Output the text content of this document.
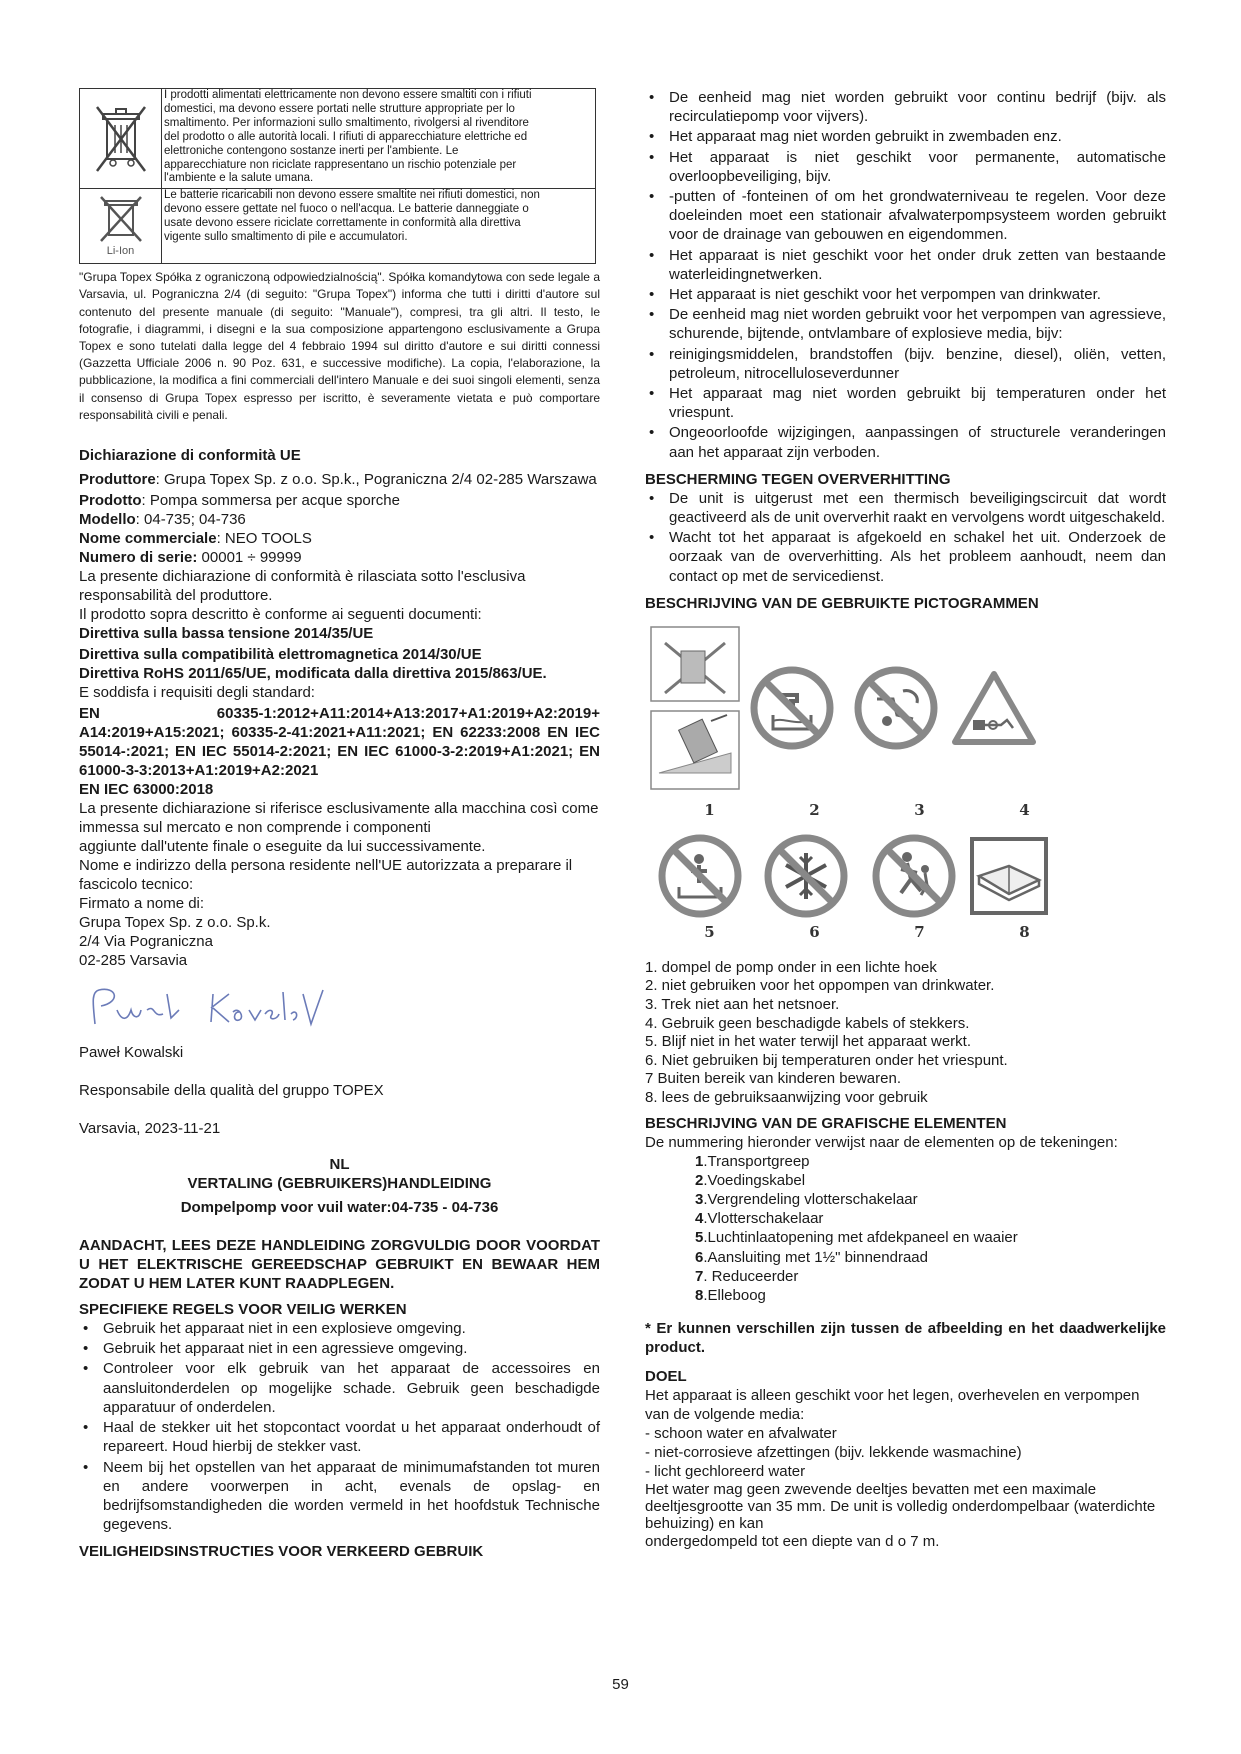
I prodotti alimentati elettricamente non devono essere smaltiti con i rifiuti

domestici, ma devono essere portati nelle strutture appropriate per lo

smaltimento. Per informazioni sullo smaltimento, rivolgersi al rivenditore

del prodotto o alle autorità locali. I rifiuti di apparecchiature elettriche ed

elettroniche contengono sostanze inerti per l'ambiente. Le

apparecchiature non riciclate rappresentano un rischio potenziale per

l'ambiente e la salute umana.

Li-Ion

Le batterie ricaricabili non devono essere smaltite nei rifiuti domestici, non

devono essere gettate nel fuoco o nell'acqua. Le batterie danneggiate o

usate devono essere riciclate correttamente in conformità alla direttiva

vigente sullo smaltimento di pile e accumulatori.

"Grupa Topex Spółka z ograniczoną odpowiedzialnością". Spółka komandytowa con sede legale a Varsavia, ul. Pograniczna 2/4 (di seguito: "Grupa Topex") informa che tutti i diritti d'autore sul contenuto del presente manuale (di seguito: "Manuale"), compresi, tra gli altri. Il testo, le fotografie, i diagrammi, i disegni e la sua composizione appartengono esclusivamente a Grupa Topex e sono tutelati dalla legge del 4 febbraio 1994 sul diritto d'autore e sui diritti connessi (Gazzetta Ufficiale 2006 n. 90 Poz. 631, e successive modifiche). La copia, l'elaborazione, la pubblicazione, la modifica a fini commerciali dell'intero Manuale e dei suoi singoli elementi, senza il consenso di Grupa Topex espresso per iscritto, è severamente vietata e può comportare responsabilità civili e penali.

Dichiarazione di conformità UE

Produttore: Grupa Topex Sp. z o.o. Sp.k., Pograniczna 2/4 02-285 Warszawa

Prodotto: Pompa sommersa per acque sporche

Modello: 04-735; 04-736

Nome commerciale: NEO TOOLS

Numero di serie: 00001 ÷ 99999

La presente dichiarazione di conformità è rilasciata sotto l'esclusiva responsabilità del produttore.

Il prodotto sopra descritto è conforme ai seguenti documenti:

Direttiva sulla bassa tensione 2014/35/UE

Direttiva sulla compatibilità elettromagnetica 2014/30/UE

Direttiva RoHS 2011/65/UE, modificata dalla direttiva 2015/863/UE.

E soddisfa i requisiti degli standard:

EN 60335-1:2012+A11:2014+A13:2017+A1:2019+A2:2019+ A14:2019+A15:2021; 60335-2-41:2021+A11:2021; EN 62233:2008 EN IEC 55014-:2021; EN IEC 55014-2:2021; EN IEC 61000-3-2:2019+A1:2021; EN 61000-3-3:2013+A1:2019+A2:2021

EN IEC 63000:2018

La presente dichiarazione si riferisce esclusivamente alla macchina così come immessa sul mercato e non comprende i componenti

aggiunte dall'utente finale o eseguite da lui successivamente.

Nome e indirizzo della persona residente nell'UE autorizzata a preparare il fascicolo tecnico:

Firmato a nome di:

Grupa Topex Sp. z o.o. Sp.k.

2/4 Via Pograniczna

02-285 Varsavia

Paweł Kowalski

Responsabile della qualità del gruppo TOPEX

Varsavia, 2023-11-21

NL

VERTALING (GEBRUIKERS)HANDLEIDING

Dompelpomp voor vuil water:04-735 - 04-736

AANDACHT, LEES DEZE HANDLEIDING ZORGVULDIG DOOR VOORDAT U HET ELEKTRISCHE GEREEDSCHAP GEBRUIKT EN BEWAAR HEM ZODAT U HEM LATER KUNT RAADPLEGEN.

SPECIFIEKE REGELS VOOR VEILIG WERKEN

• Gebruik het apparaat niet in een explosieve omgeving.
• Gebruik het apparaat niet in een agressieve omgeving.
• Controleer voor elk gebruik van het apparaat de accessoires en aansluitonderdelen op mogelijke schade. Gebruik geen beschadigde apparatuur of onderdelen.
• Haal de stekker uit het stopcontact voordat u het apparaat onderhoudt of repareert. Houd hierbij de stekker vast.
• Neem bij het opstellen van het apparaat de minimumafstanden tot muren en andere voorwerpen in acht, evenals de opslag- en bedrijfsomstandigheden die worden vermeld in het hoofdstuk Technische gegevens.

VEILIGHEIDSINSTRUCTIES VOOR VERKEERD GEBRUIK

• De eenheid mag niet worden gebruikt voor continu bedrijf (bijv. als recirculatiepomp voor vijvers).
• Het apparaat mag niet worden gebruikt in zwembaden enz.
• Het apparaat is niet geschikt voor permanente, automatische overloopbeveiliging, bijv.
• -putten of -fonteinen of om het grondwaterniveau te regelen. Voor deze doeleinden moet een stationair afvalwaterpompsysteem worden gebruikt voor de drainage van gebouwen en eigendommen.
• Het apparaat is niet geschikt voor het onder druk zetten van bestaande waterleidingnetwerken.
• Het apparaat is niet geschikt voor het verpompen van drinkwater.
• De eenheid mag niet worden gebruikt voor het verpompen van agressieve, schurende, bijtende, ontvlambare of explosieve media, bijv:
• reinigingsmiddelen, brandstoffen (bijv. benzine, diesel), oliën, vetten, petroleum, nitrocelluloseverdunner
• Het apparaat mag niet worden gebruikt bij temperaturen onder het vriespunt.
• Ongeoorloofde wijzigingen, aanpassingen of structurele veranderingen aan het apparaat zijn verboden.

BESCHERMING TEGEN OVERVERHITTING

• De unit is uitgerust met een thermisch beveiligingscircuit dat wordt geactiveerd als de unit oververhit raakt en vervolgens wordt uitgeschakeld.
• Wacht tot het apparaat is afgekoeld en schakel het uit. Onderzoek de oorzaak van de oververhitting. Als het probleem aanhoudt, neem dan contact op met de servicedienst.

BESCHRIJVING VAN DE GEBRUIKTE PICTOGRAMMEN

1	2	3	4
5	6	7	8

1. dompel de pomp onder in een lichte hoek

2. niet gebruiken voor het oppompen van drinkwater.

3. Trek niet aan het netsnoer.

4. Gebruik geen beschadigde kabels of stekkers.

5. Blijf niet in het water terwijl het apparaat werkt.

6. Niet gebruiken bij temperaturen onder het vriespunt.

7 Buiten bereik van kinderen bewaren.

8. lees de gebruiksaanwijzing voor gebruik

BESCHRIJVING VAN DE GRAFISCHE ELEMENTEN

De nummering hieronder verwijst naar de elementen op de tekeningen:

1.Transportgreep

2.Voedingskabel

3.Vergrendeling vlotterschakelaar

4.Vlotterschakelaar

5.Luchtinlaatopening met afdekpaneel en waaier

6.Aansluiting met 1½" binnendraad

7. Reduceerder

8.Elleboog

* Er kunnen verschillen zijn tussen de afbeelding en het daadwerkelijke product.

DOEL

Het apparaat is alleen geschikt voor het legen, overhevelen en verpompen van de volgende media:

- schoon water en afvalwater

- niet-corrosieve afzettingen (bijv. lekkende wasmachine)

- licht gechloreerd water

Het water mag geen zwevende deeltjes bevatten met een maximale deeltjesgrootte van 35 mm. De unit is volledig onderdompelbaar (waterdichte behuizing) en kan

ondergedompeld tot een diepte van d o 7 m.

59
